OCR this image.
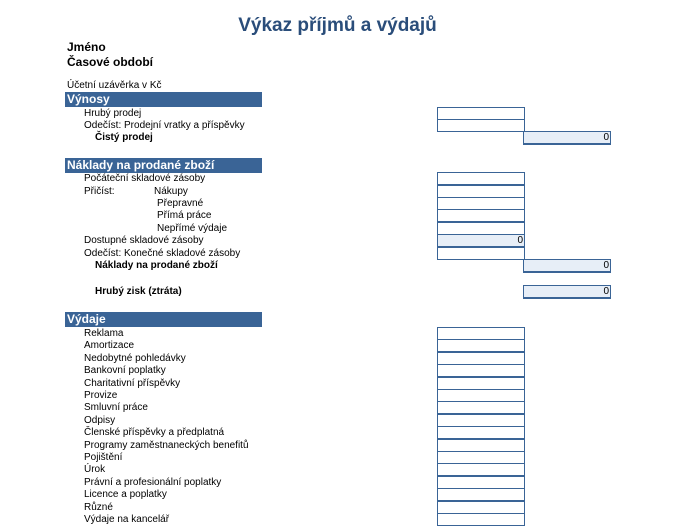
Výkaz příjmů a výdajů
Jméno
Časové období
Účetní uzávěrka v Kč
Výnosy
Hrubý prodej
Odečíst: Prodejní vratky a příspěvky
Čistý prodej	0
Náklady na prodané zboží
Počáteční skladové zásoby
Přičíst:	Nákupy
Přepravné
Přímá práce
Nepřímé výdaje
Dostupné skladové zásoby	0
Odečíst: Konečné skladové zásoby
Náklady na prodané zboží	0
Hrubý zisk (ztráta)	0
Výdaje
Reklama
Amortizace
Nedobytné pohledávky
Bankovní poplatky
Charitativní příspěvky
Provize
Smluvní práce
Odpisy
Členské příspěvky a předplatná
Programy zaměstnaneckých benefitů
Pojištění
Úrok
Právní a profesionální poplatky
Licence a poplatky
Různé
Výdaje na kancelář
